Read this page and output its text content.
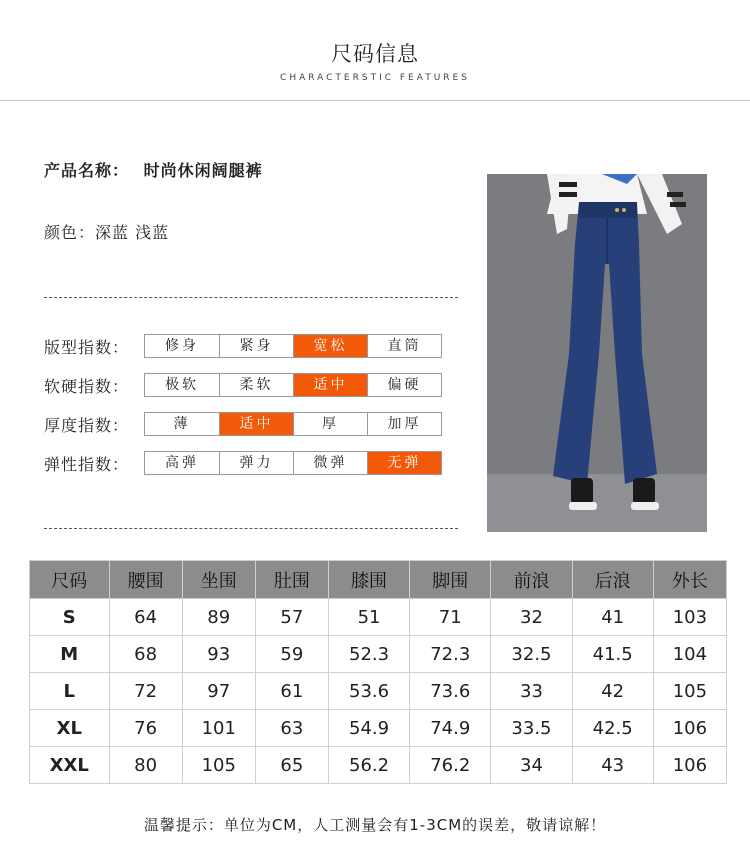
尺码信息
CHARACTERSTIC FEATURES
产品名称： 时尚休闲阔腿裤
颜色：深蓝 浅蓝
版型指数：	修身	紧身	宽松	直筒
软硬指数：	极软	柔软	适中	偏硬
厚度指数：	薄	适中	厚	加厚
弹性指数：	高弹	弹力	微弹	无弹
尺码	腰围	坐围	肚围	膝围	脚围	前浪	后浪	外长
S	64	89	57	51	71	32	41	103
M	68	93	59	52.3	72.3	32.5	41.5	104
L	72	97	61	53.6	73.6	33	42	105
XL	76	101	63	54.9	74.9	33.5	42.5	106
XXL	80	105	65	56.2	76.2	34	43	106
温馨提示：单位为CM，人工测量会有1-3CM的误差，敬请谅解！
